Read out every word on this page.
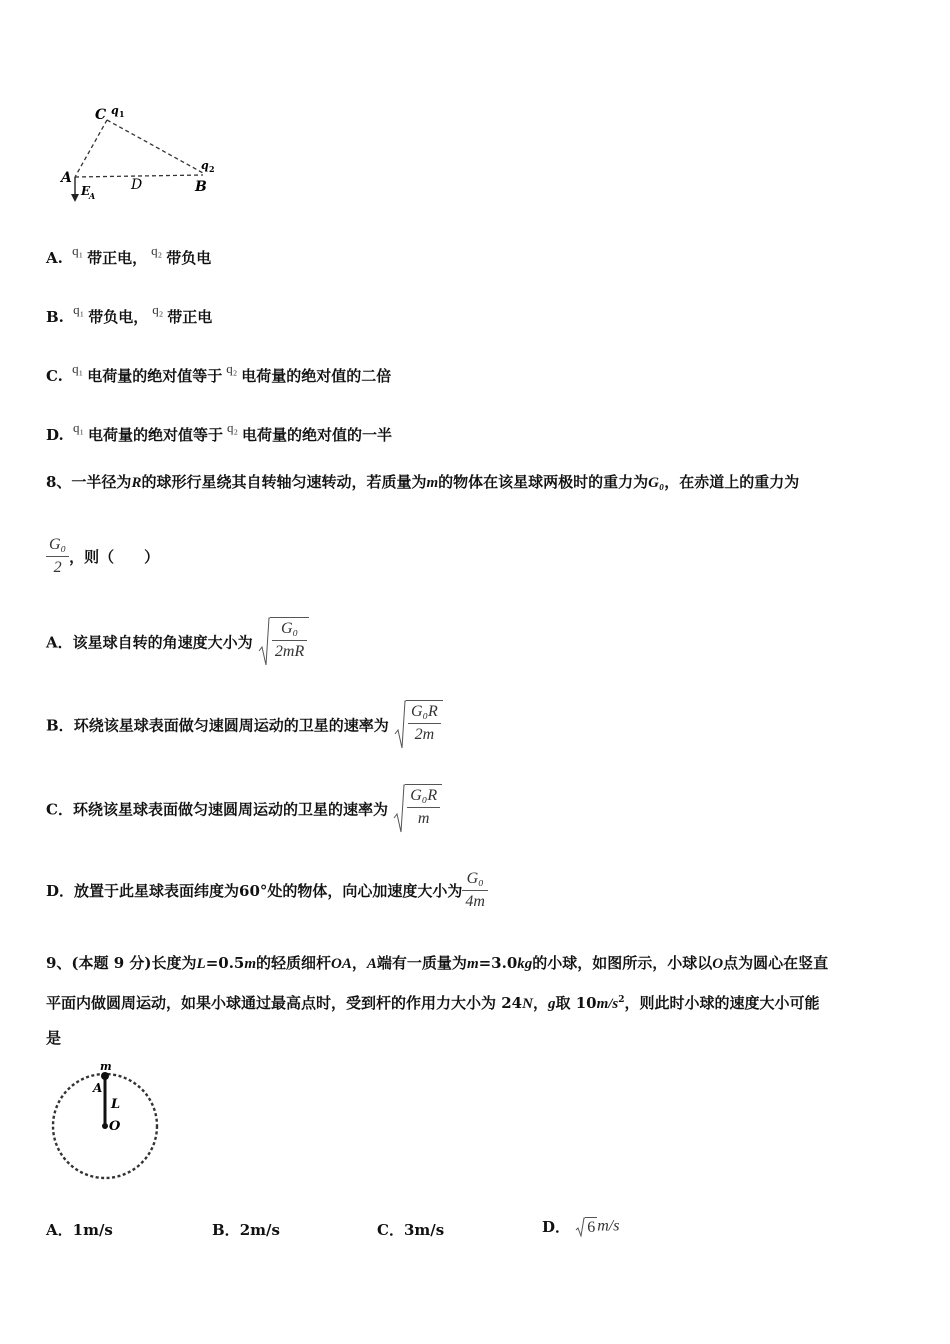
C q 1
q 2
A	D	B
E
A
A. q₁ 带正电， q₂ 带负电
B. q₁ 带负电， q₂ 带正电
C. q₁ 电荷量的绝对值等于 q₂ 电荷量的绝对值的二倍
D. q₁ 电荷量的绝对值等于 q₂ 电荷量的绝对值的一半
8、一半径为R的球形行星绕其自转轴匀速转动，若质量为m的物体在该星球两极时的重力为G₀，在赤道上的重力为
$\frac{\text{G₀}}{2}$ ，则（　　）
A．该星球自转的角速度大小为 $\frac{\text{G₀}}{2mR}$
B．环绕该星球表面做匀速圆周运动的卫星的速率为 $\frac{\text{G₀R}}{2m}$
C．环绕该星球表面做匀速圆周运动的卫星的速率为 $\frac{\text{G₀R}}{m}$
D．放置于此星球表面纬度为60°处的物体，向心加速度大小为 $\frac{\text{G₀}}{4m}$
9、(本题 9 分)长度为L=0.5m的轻质细杆OA，A端有一质量为m=3.0kg的小球，如图所示，小球以O点为圆心在竖直
平面内做圆周运动，如果小球通过最高点时，受到杆的作用力大小为 24N，g取 $10m/s^2$，则此时小球的速度大小可能
是
m
A
L
O
A．1m/s	B．2m/s	C．3m/s	D． 6 m/s
